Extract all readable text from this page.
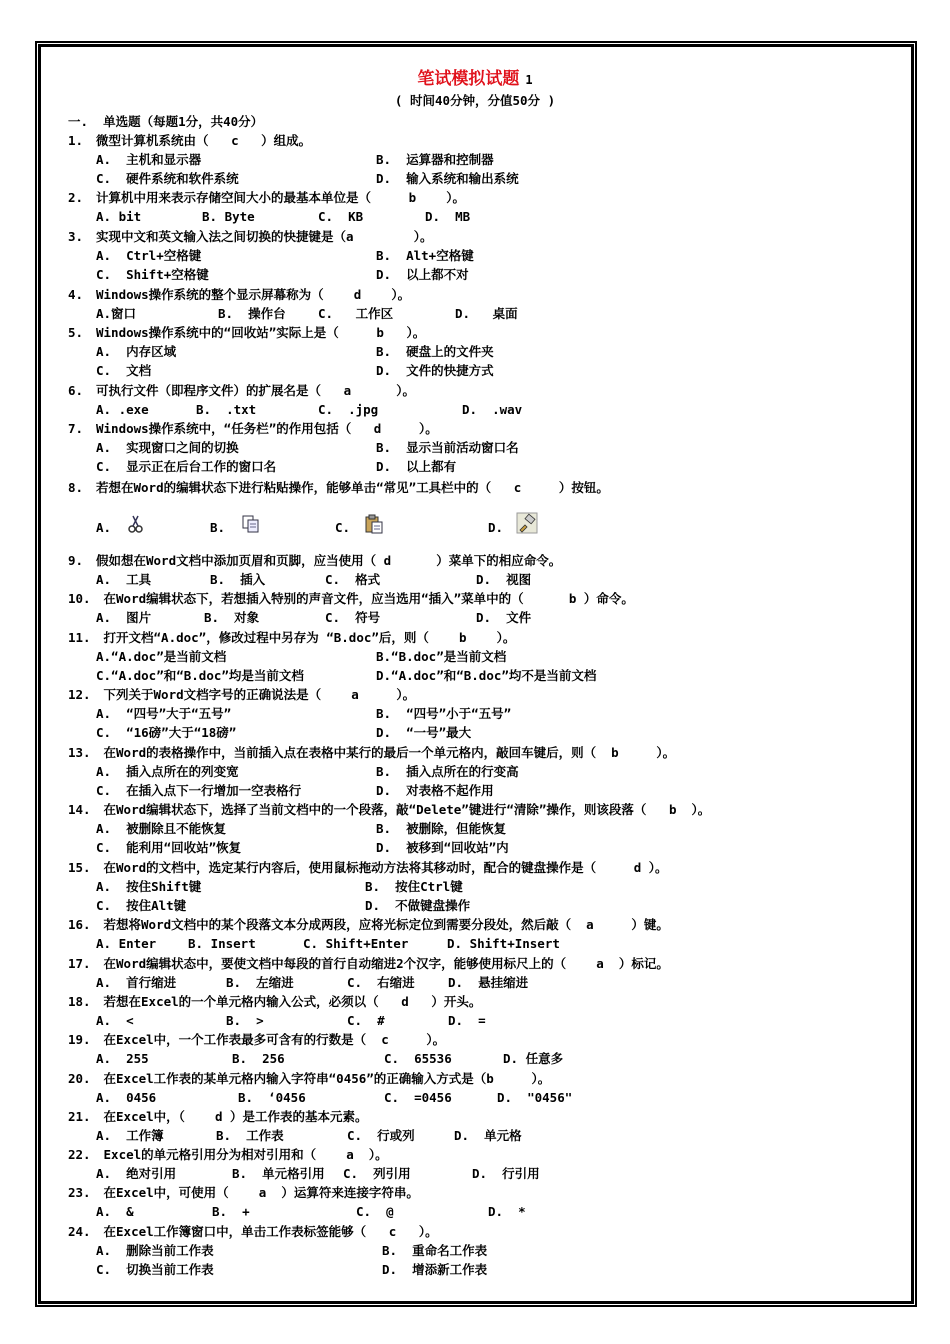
笔试模拟试题 1
( 时间40分钟，分值50分 )
一.  单选题（每题1分，共40分）
1. 微型计算机系统由（   c   ）组成。
A.  主机和显示器	B.  运算器和控制器
C.  硬件系统和软件系统	D.  输入系统和输出系统
2. 计算机中用来表示存储空间大小的最基本单位是（     b    ）。
A. bit	B. Byte	C.  KB	D.  MB
3. 实现中文和英文输入法之间切换的快捷键是（a        ）。
A.  Ctrl+空格键	B.  Alt+空格键
C.  Shift+空格键	D.  以上都不对
4. Windows操作系统的整个显示屏幕称为（    d    ）。
A.窗口	B.  操作台	C.   工作区	D.   桌面
5. Windows操作系统中的“回收站”实际上是（     b   ）。
A.  内存区域	B.  硬盘上的文件夹
C.  文档	D.  文件的快捷方式
6. 可执行文件（即程序文件）的扩展名是（   a      ）。
A. .exe	B.  .txt	C.  .jpg	D.  .wav
7. Windows操作系统中，“任务栏”的作用包括（   d     ）。
A.  实现窗口之间的切换	B.  显示当前活动窗口名
C.  显示正在后台工作的窗口名	D.  以上都有
8. 若想在Word的编辑状态下进行粘贴操作，能够单击“常见”工具栏中的（   c     ）按钮。
A.	B.	C.	D.
9. 假如想在Word文档中添加页眉和页脚，应当使用（ d      ）菜单下的相应命令。
A.  工具	B.  插入	C.  格式	D.  视图
10. 在Word编辑状态下，若想插入特别的声音文件，应当选用“插入”菜单中的（      b ）命令。
A.  图片	B.  对象	C.  符号	D.  文件
11. 打开文档“A.doc”，修改过程中另存为 “B.doc”后，则（    b    ）。
A.“A.doc”是当前文档	B.“B.doc”是当前文档
C.“A.doc”和“B.doc”均是当前文档	D.“A.doc”和“B.doc”均不是当前文档
12. 下列关于Word文档字号的正确说法是（    a     ）。
A.  “四号”大于“五号”	B.  “四号”小于“五号”
C.  “16磅”大于“18磅”	D.  “一号”最大
13. 在Word的表格操作中，当前插入点在表格中某行的最后一个单元格内，敲回车键后，则（  b     ）。
A.  插入点所在的列变宽	B.  插入点所在的行变高
C.  在插入点下一行增加一空表格行	D.  对表格不起作用
14. 在Word编辑状态下，选择了当前文档中的一个段落，敲“Delete”键进行“清除”操作，则该段落（   b  ）。
A.  被删除且不能恢复	B.  被删除，但能恢复
C.  能利用“回收站”恢复	D.  被移到“回收站”内
15. 在Word的文档中，选定某行内容后，使用鼠标拖动方法将其移动时，配合的键盘操作是（     d ）。
A.  按住Shift键	B.  按住Ctrl键
C.  按住Alt键	D.  不做键盘操作
16. 若想将Word文档中的某个段落文本分成两段，应将光标定位到需要分段处，然后敲（  a     ）键。
A. Enter	B. Insert	C. Shift+Enter	D. Shift+Insert
17. 在Word编辑状态中，要使文档中每段的首行自动缩进2个汉字，能够使用标尺上的（    a  ）标记。
A.  首行缩进	B.  左缩进	C.  右缩进	D.  悬挂缩进
18. 若想在Excel的一个单元格内输入公式，必须以（   d   ）开头。
A.  <	B.  >	C.  #	D.  =
19. 在Excel中，一个工作表最多可含有的行数是（  c     ）。
A.  255	B.  256	C.  65536	D. 任意多
20. 在Excel工作表的某单元格内输入字符串“0456”的正确输入方式是（b     ）。
A.  0456	B.  ‘0456	C.  =0456	D.  "0456"
21. 在Excel中，（    d ）是工作表的基本元素。
A.  工作簿	B.  工作表	C.  行或列	D.  单元格
22. Excel的单元格引用分为相对引用和（    a  ）。
A.  绝对引用	B.  单元格引用 C.  列引用	D.  行引用
23. 在Excel中，可使用（    a  ）运算符来连接字符串。
A.  &	B.  +	C.  @	D.  *
24. 在Excel工作簿窗口中，单击工作表标签能够（   c   ）。
A.  删除当前工作表	B.  重命名工作表
C.  切换当前工作表	D.  增添新工作表
